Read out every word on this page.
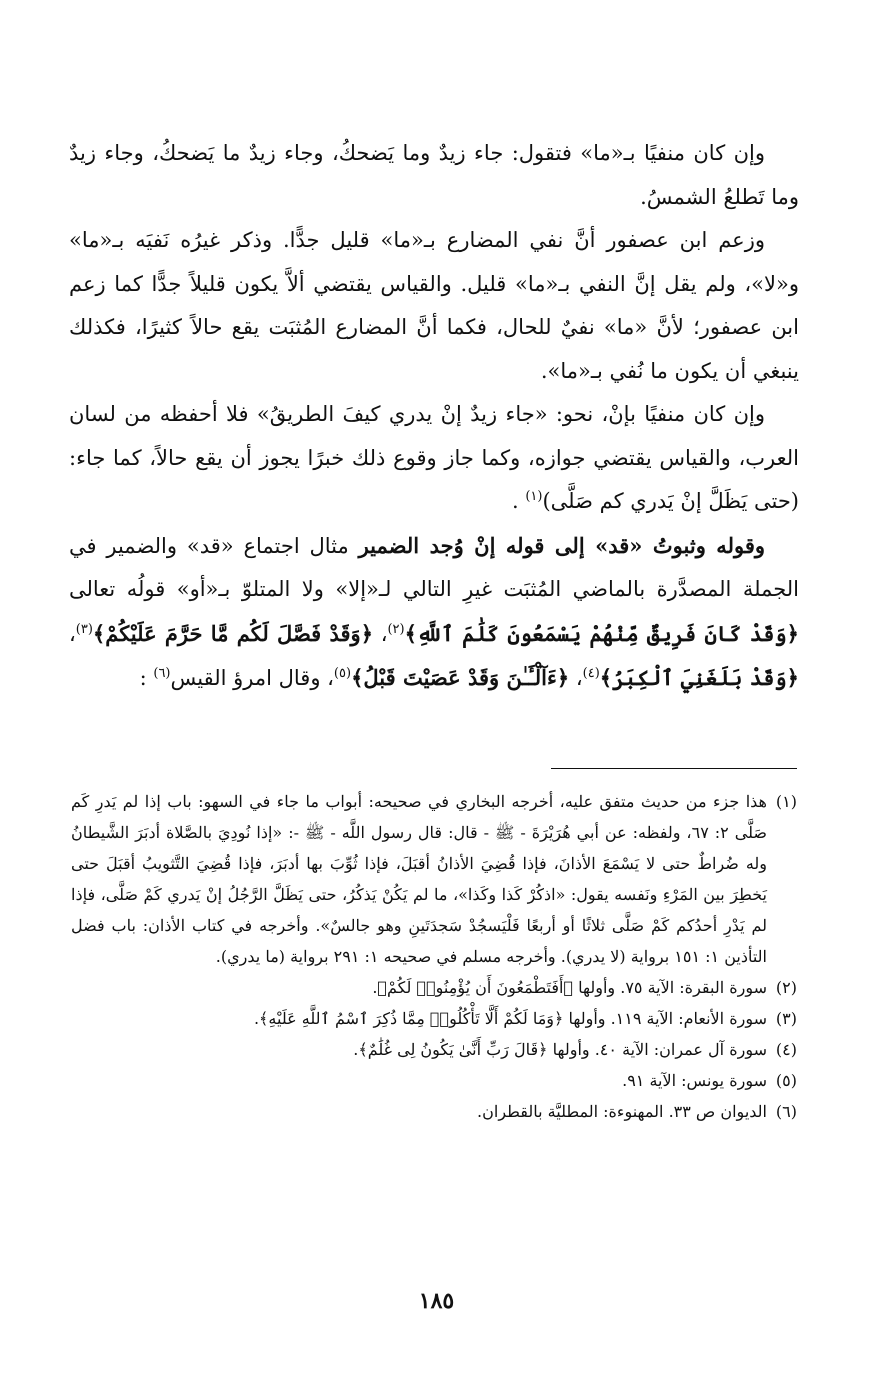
وإن كان منفيًا بـ«ما» فتقول: جاء زيدٌ وما يَضحكُ، وجاء زيدٌ ما يَضحكُ، وجاء زيدٌ وما تَطلعُ الشمسُ.

وزعم ابن عصفور أنَّ نفي المضارع بـ«ما» قليل جدًّا. وذكر غيرُه نَفيَه بـ«ما» و«لا»، ولم يقل إنَّ النفي بـ«ما» قليل. والقياس يقتضي ألاَّ يكون قليلاً جدًّا كما زعم ابن عصفور؛ لأنَّ «ما» نفيٌ للحال، فكما أنَّ المضارع المُثبَت يقع حالاً كثيرًا، فكذلك ينبغي أن يكون ما نُفي بـ«ما».

وإن كان منفيًا بإنْ، نحو: «جاء زيدٌ إنْ يدري كيفَ الطريقُ» فلا أحفظه من لسان العرب، والقياس يقتضي جوازه، وكما جاز وقوع ذلك خبرًا يجوز أن يقع حالاً، كما جاء: (حتى يَظَلَّ إنْ يَدري كم صَلَّى)$^{(١)}$ .

وقوله وثبوتُ «قد» إلى قوله إنْ وُجد الضمير مثال اجتماع «قد» والضمير في الجملة المصدَّرة بالماضي المُثبَت غيرِ التالي لـ«إلا» ولا المتلوّ بـ«أو» قولُه تعالى ﴿وَقَدْ كَانَ فَرِيقٌ مِّنْهُمْ يَسْمَعُونَ كَلَٰمَ ٱللَّهِ﴾$^{(٢)}$، ﴿وَقَدْ فَصَّلَ لَكُم مَّا حَرَّمَ عَلَيْكُمْ﴾$^{(٣)}$، ﴿وَقَدْ بَلَغَنِيَ ٱلْكِبَرُ﴾$^{(٤)}$، ﴿ءَآلْـَٔـٰنَ وَقَدْ عَصَيْتَ قَبْلُ﴾$^{(٥)}$، وقال امرؤ القيس$^{(٦)}$ :

(١)
هذا جزء من حديث متفق عليه، أخرجه البخاري في صحيحه: أبواب ما جاء في السهو: باب إذا لم يَدرِ كَم صَلَّى ٢: ٦٧، ولفظه: عن أبي هُرَيْرَةَ - ﷺ - قال: قال رسول اللَّه - ﷺ -: «إذا نُودِيَ بالصَّلاة أدبَرَ الشَّيطانُ وله ضُراطٌ حتى لا يَسْمَعَ الأذانَ، فإذا قُضِيَ الأذانُ أقبَلَ، فإذا ثُوِّبَ بها أدبَرَ، فإذا قُضِيَ التَّثويبُ أقبَلَ حتى يَخطِرَ بين المَرْءِ ونَفسه يقول: «اذكُرْ كَذا وكَذا»، ما لم يَكُنْ يَذكُرُ، حتى يَظَلَّ الرَّجُلُ إنْ يَدري كَمْ صَلَّى، فإذا لم يَدْرِ أحدُكم كَمْ صَلَّى ثلاثًا أو أربعًا فَلْيَسجُدْ سَجدَتَينِ وهو جالسٌ». وأخرجه في كتاب الأذان: باب فضل التأذين ١: ١٥١ برواية (لا يدري). وأخرجه مسلم في صحيحه ١: ٢٩١ برواية (ما يدري).

(٢)
سورة البقرة: الآية ٧٥. وأولها ﴿أَفَتَطْمَعُونَ أَن يُؤْمِنُوا۟ لَكُمْ﴾.

(٣)
سورة الأنعام: الآية ١١٩. وأولها ﴿وَمَا لَكُمْ أَلَّا تَأْكُلُوا۟ مِمَّا ذُكِرَ ٱسْمُ ٱللَّهِ عَلَيْهِ﴾.

(٤)
سورة آل عمران: الآية ٤٠. وأولها ﴿قَالَ رَبِّ أَنَّىٰ يَكُونُ لِى غُلَٰمٌ﴾.

(٥)
سورة يونس: الآية ٩١.

(٦)
الديوان ص ٣٣. المهنوءة: المطليَّة بالقطران.

١٨٥
